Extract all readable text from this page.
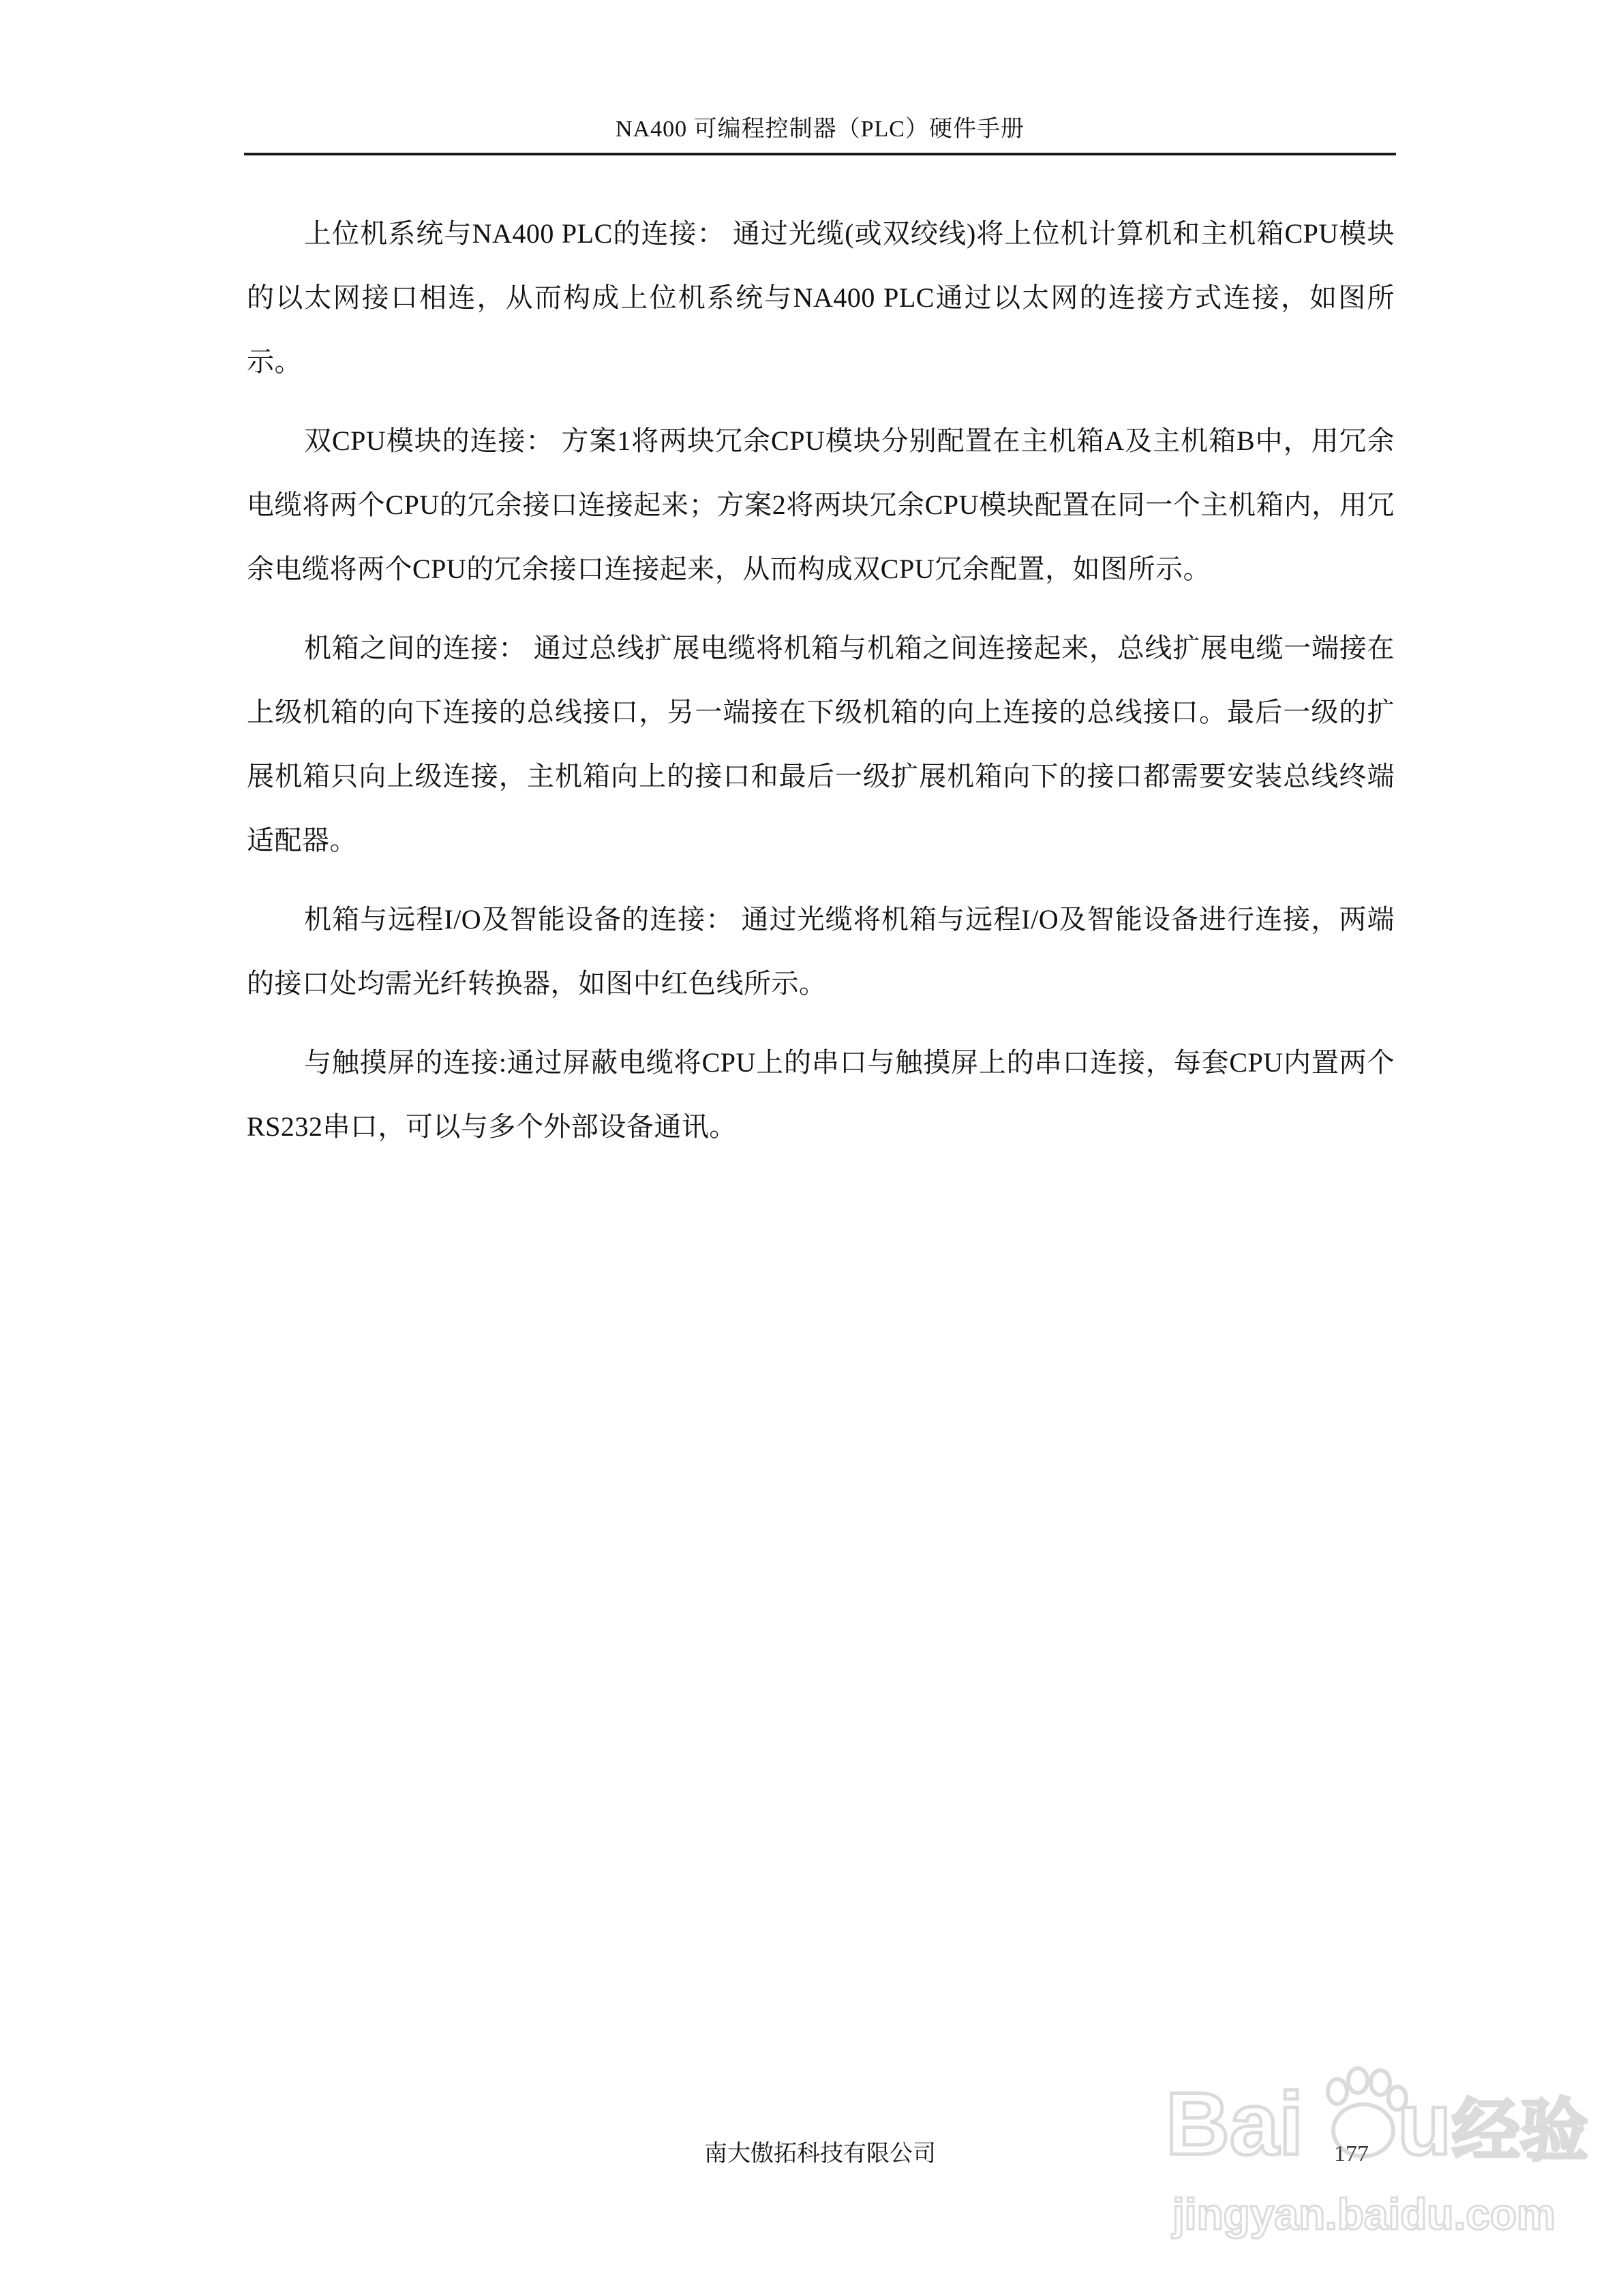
NA400 可编程控制器（PLC）硬件手册

上位机系统与NA400 PLC的连接： 通过光缆(或双绞线)将上位机计算机和主机箱CPU模块的以太网接口相连，从而构成上位机系统与NA400 PLC通过以太网的连接方式连接，如图所示。

双CPU模块的连接： 方案1将两块冗余CPU模块分别配置在主机箱A及主机箱B中，用冗余电缆将两个CPU的冗余接口连接起来；方案2将两块冗余CPU模块配置在同一个主机箱内，用冗余电缆将两个CPU的冗余接口连接起来，从而构成双CPU冗余配置，如图所示。

机箱之间的连接： 通过总线扩展电缆将机箱与机箱之间连接起来，总线扩展电缆一端接在上级机箱的向下连接的总线接口，另一端接在下级机箱的向上连接的总线接口。最后一级的扩展机箱只向上级连接，主机箱向上的接口和最后一级扩展机箱向下的接口都需要安装总线终端适配器。

机箱与远程I/O及智能设备的连接： 通过光缆将机箱与远程I/O及智能设备进行连接，两端的接口处均需光纤转换器，如图中红色线所示。

与触摸屏的连接:通过屏蔽电缆将CPU上的串口与触摸屏上的串口连接，每套CPU内置两个RS232串口，可以与多个外部设备通讯。

南大傲拓科技有限公司	177
Bai u 经验
jingyan.baidu.com
